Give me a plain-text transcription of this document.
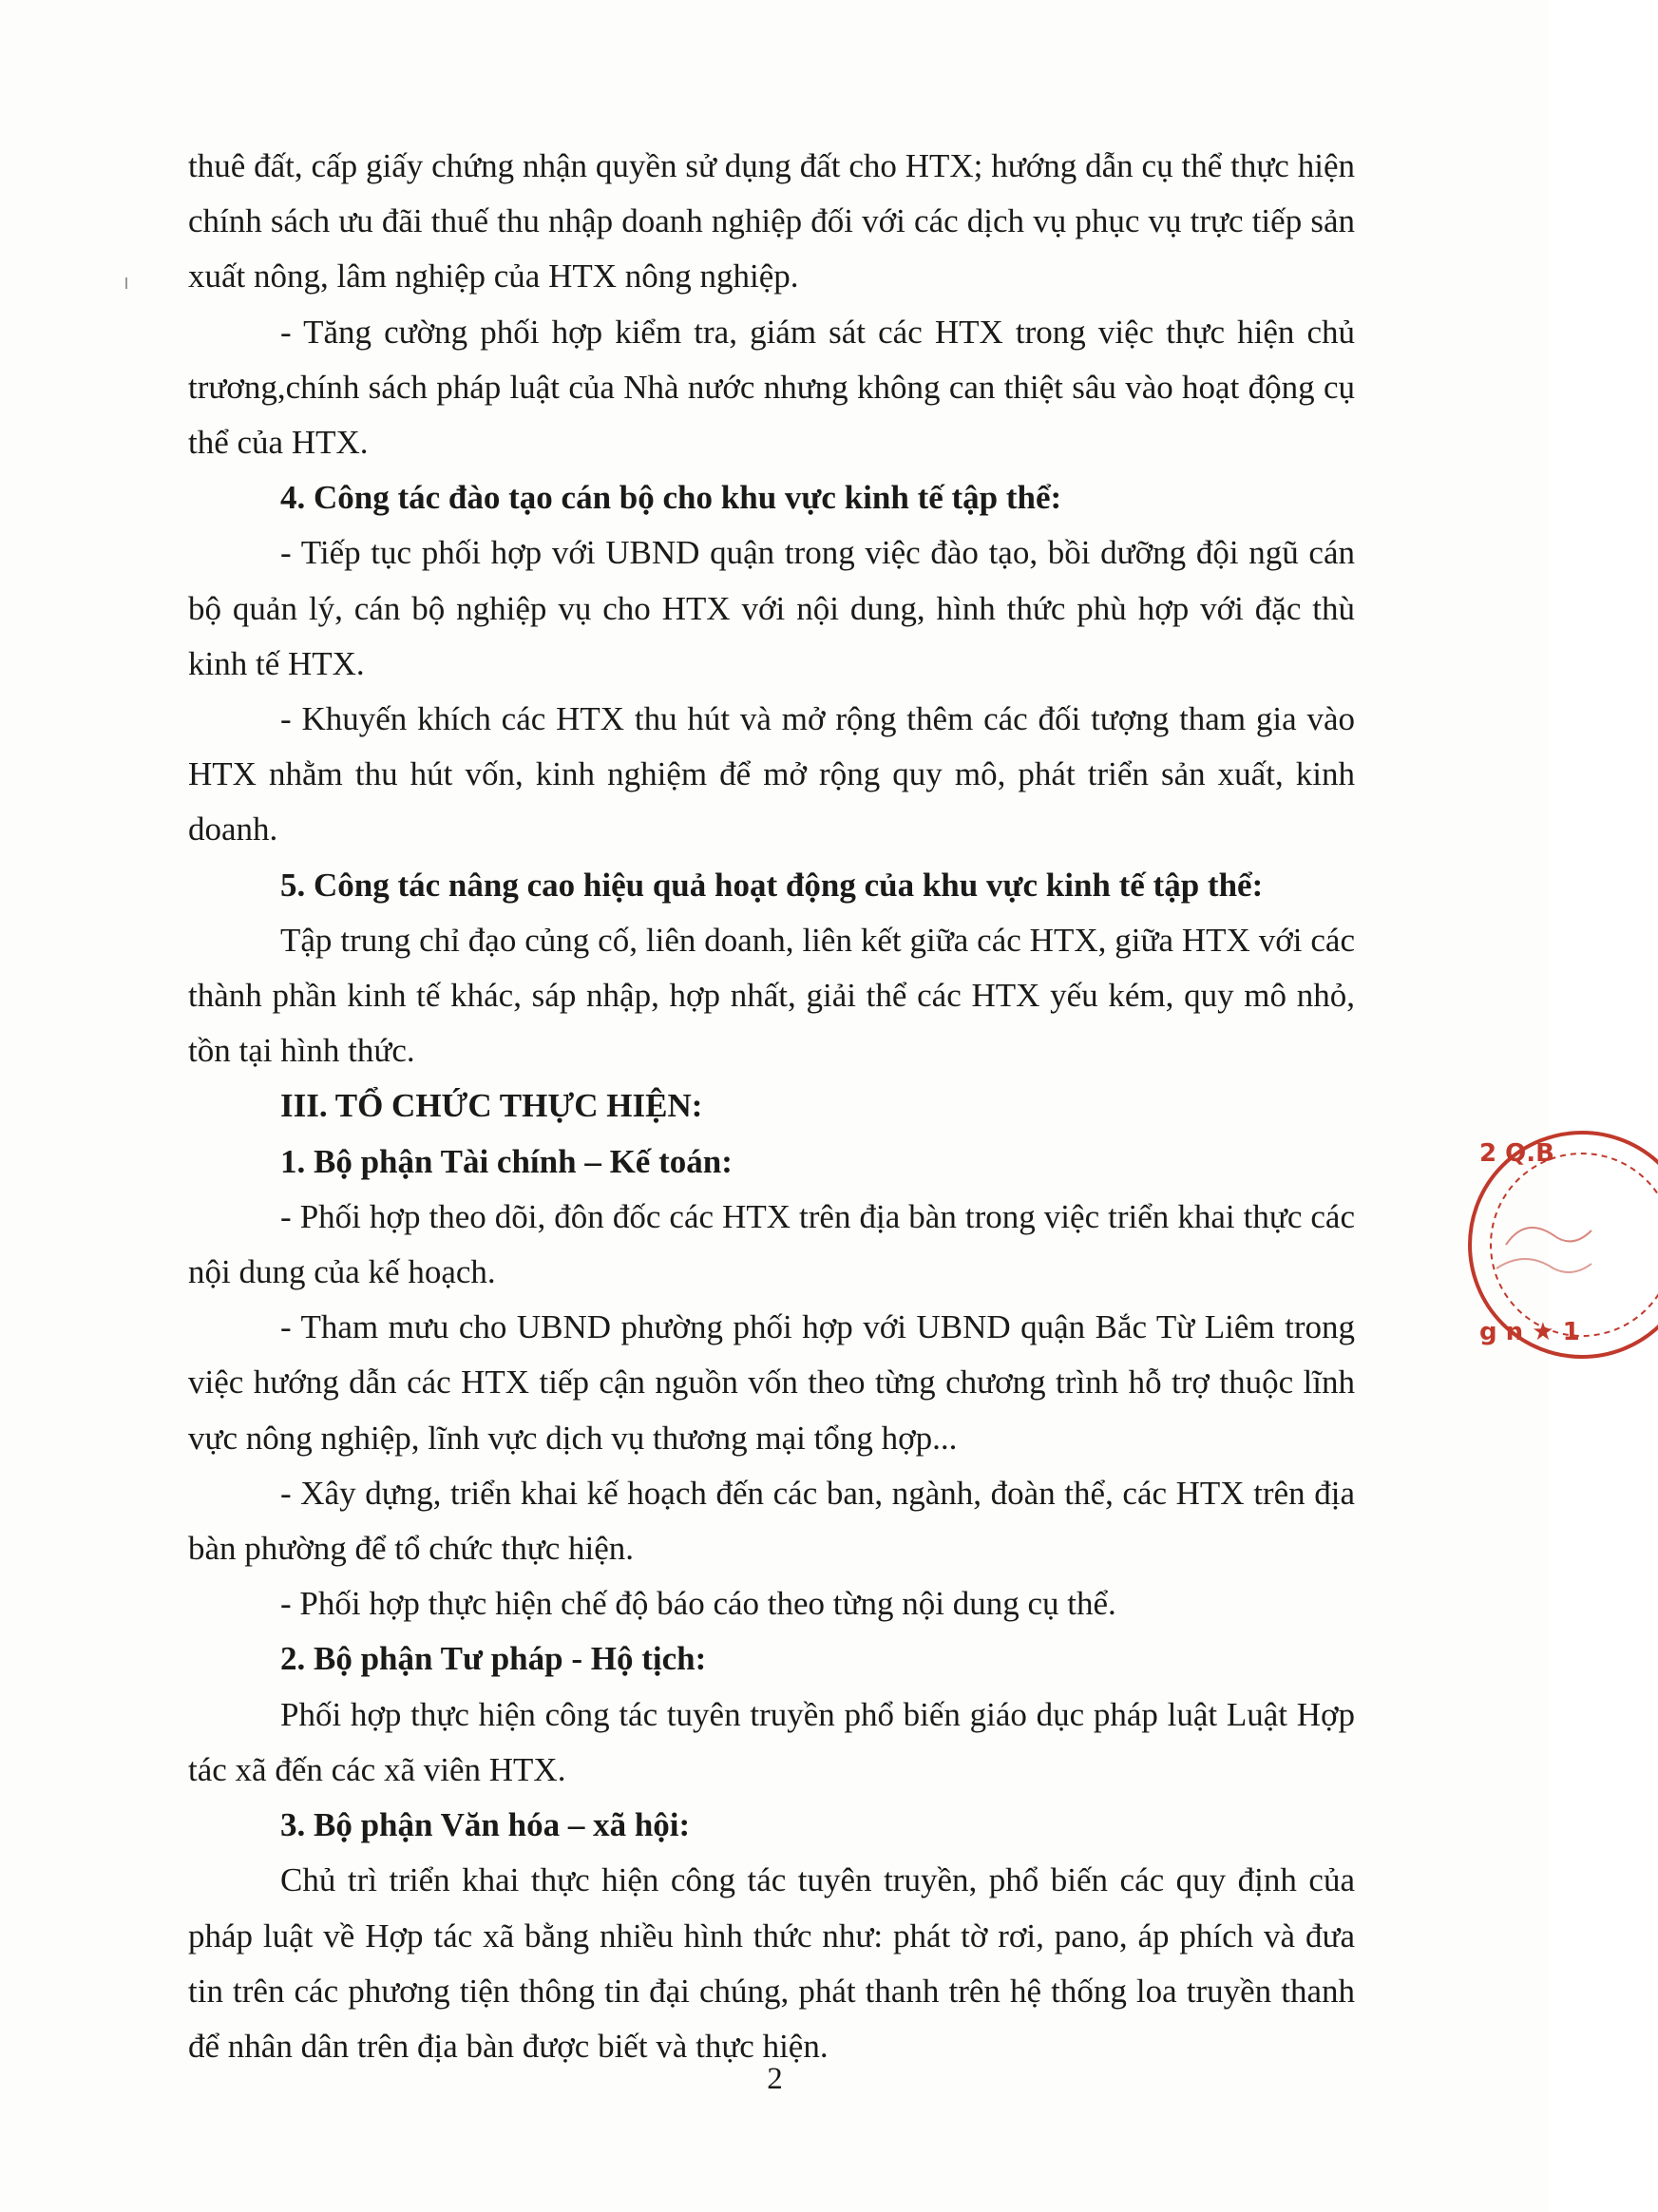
thuê đất, cấp giấy chứng nhận quyền sử dụng đất cho HTX; hướng dẫn cụ thể thực hiện chính sách ưu đãi thuế thu nhập doanh nghiệp đối với các dịch vụ phục vụ trực tiếp sản xuất nông, lâm nghiệp của HTX nông nghiệp.

- Tăng cường phối hợp kiểm tra, giám sát các HTX trong việc thực hiện chủ trương,chính sách pháp luật của Nhà nước nhưng không can thiệt sâu vào hoạt động cụ thể của HTX.

4. Công tác đào tạo cán bộ cho khu vực kinh tế tập thể:

- Tiếp tục phối hợp với UBND quận trong việc đào tạo, bồi dưỡng đội ngũ cán bộ quản lý, cán bộ nghiệp vụ cho HTX với nội dung, hình thức phù hợp với đặc thù kinh tế HTX.

- Khuyến khích các HTX thu hút và mở rộng thêm các đối tượng tham gia vào HTX nhằm thu hút vốn, kinh nghiệm để mở rộng quy mô, phát triển sản xuất, kinh doanh.

5. Công tác nâng cao hiệu quả hoạt động của khu vực kinh tế tập thể:

Tập trung chỉ đạo củng cố, liên doanh, liên kết giữa các HTX, giữa HTX với các thành phần kinh tế khác, sáp nhập, hợp nhất, giải thể các HTX yếu kém, quy mô nhỏ, tồn tại hình thức.

III. TỔ CHỨC THỰC HIỆN:

1. Bộ phận Tài chính – Kế toán:

- Phối hợp theo dõi, đôn đốc các HTX trên địa bàn trong việc triển khai thực các nội dung của kế hoạch.

- Tham mưu cho UBND phường phối hợp với UBND quận Bắc Từ Liêm trong việc hướng dẫn các HTX tiếp cận nguồn vốn theo từng chương trình hỗ trợ thuộc lĩnh vực nông nghiệp, lĩnh vực dịch vụ thương mại tổng hợp...

- Xây dựng, triển khai kế hoạch đến các ban, ngành, đoàn thể, các HTX trên địa bàn phường để tổ chức thực hiện.

- Phối hợp thực hiện chế độ báo cáo theo từng nội dung cụ thể.

2. Bộ phận Tư pháp - Hộ tịch:

Phối hợp thực hiện công tác tuyên truyền phổ biến giáo dục pháp luật Luật Hợp tác xã đến các xã viên HTX.

3. Bộ phận Văn hóa – xã hội:

Chủ trì triển khai thực hiện công tác tuyên truyền, phổ biến các quy định của pháp luật về Hợp tác xã bằng nhiều hình thức như: phát tờ rơi, pano, áp phích và đưa tin trên các phương tiện thông tin đại chúng, phát thanh trên hệ thống loa truyền thanh để nhân dân trên địa bàn được biết và thực hiện.

2
2 Q.B
g n ★ 1
